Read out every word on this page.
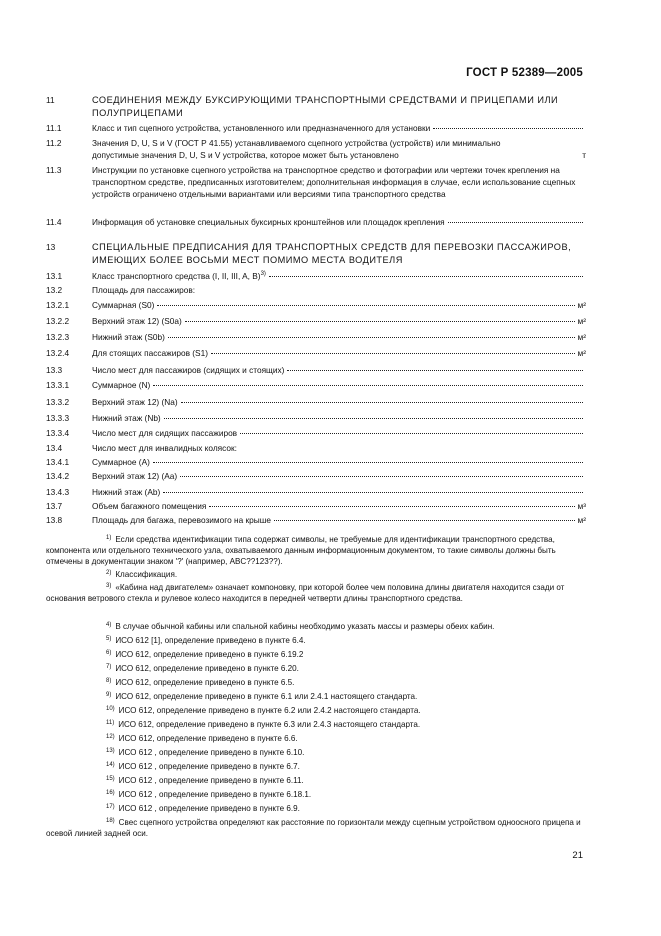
ГОСТ Р 52389—2005
11	СОЕДИНЕНИЯ МЕЖДУ БУКСИРУЮЩИМИ ТРАНСПОРТНЫМИ СРЕДСТВАМИ И ПРИЦЕПАМИ ИЛИ ПОЛУПРИЦЕПАМИ
11.1	Класс и тип сцепного устройства, установленного или предназначенного для установки
11.2	Значения D, U, S и V (ГОСТ Р 41.55) устанавливаемого сцепного устройства (устройств) или минимально допустимые значения D, U, S и V устройства, которое может быть установлено	т
11.3	Инструкции по установке сцепного устройства на транспортное средство и фотографии или чертежи точек крепления на транспортном средстве, предписанных изготовителем; дополнительная информация в случае, если использование сцепных устройств ограничено отдельными вариантами или версиями типа транспортного средства
11.4	Информация об установке специальных буксирных кронштейнов или площадок крепления
13	СПЕЦИАЛЬНЫЕ ПРЕДПИСАНИЯ ДЛЯ ТРАНСПОРТНЫХ СРЕДСТВ ДЛЯ ПЕРЕВОЗКИ ПАССАЖИРОВ, ИМЕЮЩИХ БОЛЕЕ ВОСЬМИ МЕСТ ПОМИМО МЕСТА ВОДИТЕЛЯ
13.1	Класс транспортного средства (I, II, III, A, B)$^{3)}$
13.2	Площадь для пассажиров:
13.2.1	Суммарная (S0)	м²
13.2.2	Верхний этаж 12) (S0a)	м²
13.2.3	Нижний этаж (S0b)	м²
13.2.4	Для стоящих пассажиров (S1)	м²
13.3	Число мест для пассажиров (сидящих и стоящих)
13.3.1	Суммарное (N)
13.3.2	Верхний этаж 12) (Na)
13.3.3	Нижний этаж (Nb)
13.3.4	Число мест для сидящих пассажиров
13.4	Число мест для инвалидных колясок:
13.4.1	Суммарное (A)
13.4.2	Верхний этаж 12) (Aa)
13.4.3	Нижний этаж (Ab)
13.7	Объем багажного помещения	м³
13.8	Площадь для багажа, перевозимого на крыше	м²
1) Если средства идентификации типа содержат символы, не требуемые для идентификации транспортного средства, компонента или отдельного технического узла, охватываемого данным информационным документом, то такие символы должны быть отмечены в документации знаком '?' (например, ABC??123??).
2) Классификация.
3) «Кабина над двигателем» означает компоновку, при которой более чем половина длины двигателя находится сзади от основания ветрового стекла и рулевое колесо находится в передней четверти длины транспортного средства.
4) В случае обычной кабины или спальной кабины необходимо указать массы и размеры обеих кабин.
5) ИСО 612 [1], определение приведено в пункте 6.4.
6) ИСО 612, определение приведено в пункте 6.19.2
7) ИСО 612, определение приведено в пункте 6.20.
8) ИСО 612, определение приведено в пункте 6.5.
9) ИСО 612, определение приведено в пункте 6.1 или 2.4.1 настоящего стандарта.
10) ИСО 612, определение приведено в пункте 6.2 или 2.4.2 настоящего стандарта.
11) ИСО 612, определение приведено в пункте 6.3 или 2.4.3 настоящего стандарта.
12) ИСО 612, определение приведено в пункте 6.6.
13) ИСО 612 , определение приведено в пункте 6.10.
14) ИСО 612 , определение приведено в пункте 6.7.
15) ИСО 612 , определение приведено в пункте 6.11.
16) ИСО 612 , определение приведено в пункте 6.18.1.
17) ИСО 612 , определение приведено в пункте 6.9.
18) Свес сцепного устройства определяют как расстояние по горизонтали между сцепным устройством одноосного прицепа и осевой линией задней оси.
21
